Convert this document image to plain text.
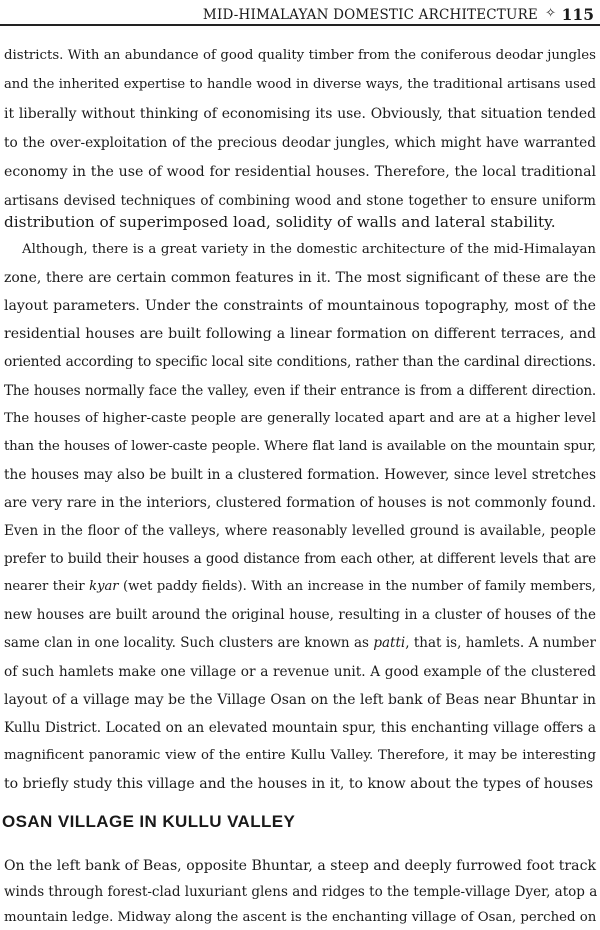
MID-HIMALAYAN DOMESTIC ARCHITECTURE ✧ 115
districts. With an abundance of good quality timber from the coniferous deodar jungles
and the inherited expertise to handle wood in diverse ways, the traditional artisans used
it liberally without thinking of economising its use. Obviously, that situation tended
to the over-exploitation of the precious deodar jungles, which might have warranted
economy in the use of wood for residential houses. Therefore, the local traditional
artisans devised techniques of combining wood and stone together to ensure uniform
distribution of superimposed load, solidity of walls and lateral stability.
Although, there is a great variety in the domestic architecture of the mid-Himalayan
zone, there are certain common features in it. The most significant of these are the
layout parameters. Under the constraints of mountainous topography, most of the
residential houses are built following a linear formation on different terraces, and
oriented according to specific local site conditions, rather than the cardinal directions.
The houses normally face the valley, even if their entrance is from a different direction.
The houses of higher-caste people are generally located apart and are at a higher level
than the houses of lower-caste people. Where flat land is available on the mountain spur,
the houses may also be built in a clustered formation. However, since level stretches
are very rare in the interiors, clustered formation of houses is not commonly found.
Even in the floor of the valleys, where reasonably levelled ground is available, people
prefer to build their houses a good distance from each other, at different levels that are
nearer their kyar (wet paddy fields). With an increase in the number of family members,
new houses are built around the original house, resulting in a cluster of houses of the
same clan in one locality. Such clusters are known as patti, that is, hamlets. A number
of such hamlets make one village or a revenue unit. A good example of the clustered
layout of a village may be the Village Osan on the left bank of Beas near Bhuntar in
Kullu District. Located on an elevated mountain spur, this enchanting village offers a
magnificent panoramic view of the entire Kullu Valley. Therefore, it may be interesting
to briefly study this village and the houses in it, to know about the types of houses
OSAN VILLAGE IN KULLU VALLEY
On the left bank of Beas, opposite Bhuntar, a steep and deeply furrowed foot track
winds through forest-clad luxuriant glens and ridges to the temple-village Dyer, atop a
mountain ledge. Midway along the ascent is the enchanting village of Osan, perched on
